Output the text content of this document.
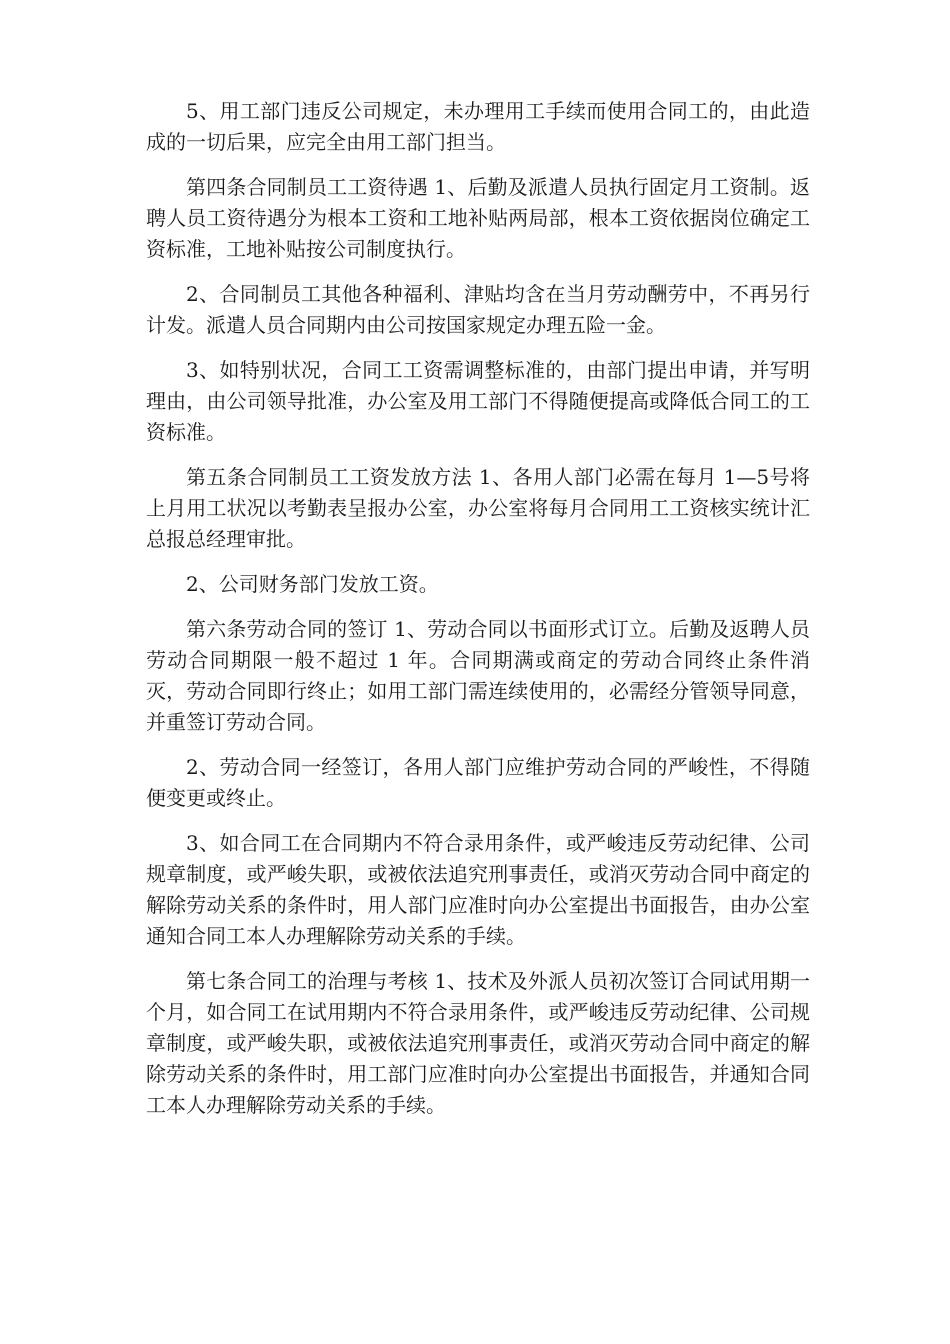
5、用工部门违反公司规定，未办理用工手续而使用合同工的，由此造成的一切后果，应完全由用工部门担当。

第四条合同制员工工资待遇 1、后勤及派遣人员执行固定月工资制。返聘人员工资待遇分为根本工资和工地补贴两局部，根本工资依据岗位确定工资标准，工地补贴按公司制度执行。

2、合同制员工其他各种福利、津贴均含在当月劳动酬劳中，不再另行计发。派遣人员合同期内由公司按国家规定办理五险一金。

3、如特别状况，合同工工资需调整标准的，由部门提出申请，并写明理由，由公司领导批准，办公室及用工部门不得随便提高或降低合同工的工资标准。

第五条合同制员工工资发放方法 1、各用人部门必需在每月 1—5号将上月用工状况以考勤表呈报办公室，办公室将每月合同用工工资核实统计汇总报总经理审批。

2、公司财务部门发放工资。

第六条劳动合同的签订 1、劳动合同以书面形式订立。后勤及返聘人员劳动合同期限一般不超过 1 年。合同期满或商定的劳动合同终止条件消灭，劳动合同即行终止；如用工部门需连续使用的，必需经分管领导同意，并重签订劳动合同。

2、劳动合同一经签订，各用人部门应维护劳动合同的严峻性，不得随便变更或终止。

3、如合同工在合同期内不符合录用条件，或严峻违反劳动纪律、公司规章制度，或严峻失职，或被依法追究刑事责任，或消灭劳动合同中商定的解除劳动关系的条件时，用人部门应准时向办公室提出书面报告，由办公室通知合同工本人办理解除劳动关系的手续。

第七条合同工的治理与考核 1、技术及外派人员初次签订合同试用期一个月，如合同工在试用期内不符合录用条件，或严峻违反劳动纪律、公司规章制度，或严峻失职，或被依法追究刑事责任，或消灭劳动合同中商定的解除劳动关系的条件时，用工部门应准时向办公室提出书面报告，并通知合同工本人办理解除劳动关系的手续。
